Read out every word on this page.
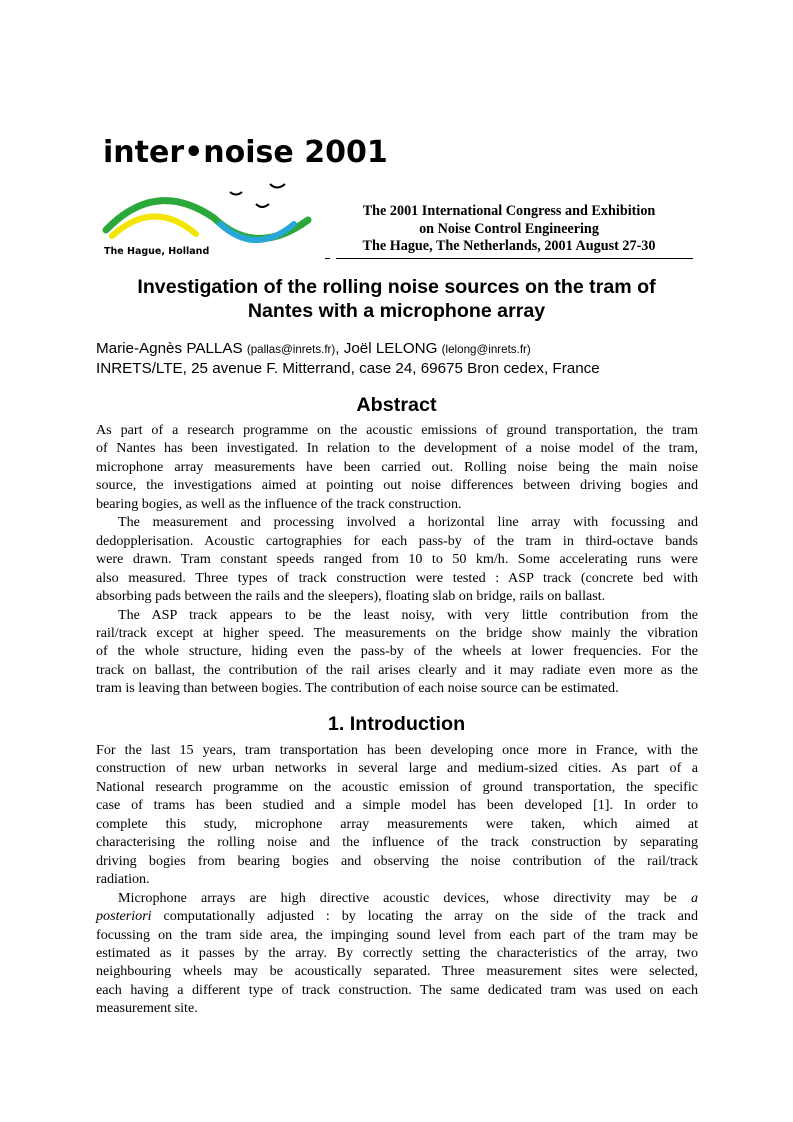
inter•noise 2001
The Hague, Holland
The 2001 International Congress and Exhibition
on Noise Control Engineering
The Hague, The Netherlands, 2001 August 27-30
Investigation of the rolling noise sources on the tram of
Nantes with a microphone array
Marie-Agnès PALLAS (pallas@inrets.fr), Joël LELONG (lelong@inrets.fr)
INRETS/LTE, 25 avenue F. Mitterrand, case 24, 69675 Bron cedex, France
Abstract
As part of a research programme on the acoustic emissions of ground transportation, the tram
of Nantes has been investigated. In relation to the development of a noise model of the tram,
microphone array measurements have been carried out. Rolling noise being the main noise
source, the investigations aimed at pointing out noise differences between driving bogies and
bearing bogies, as well as the influence of the track construction.
The measurement and processing involved a horizontal line array with focussing and
dedopplerisation. Acoustic cartographies for each pass-by of the tram in third-octave bands
were drawn. Tram constant speeds ranged from 10 to 50 km/h. Some accelerating runs were
also measured. Three types of track construction were tested : ASP track (concrete bed with
absorbing pads between the rails and the sleepers), floating slab on bridge, rails on ballast.
The ASP track appears to be the least noisy, with very little contribution from the
rail/track except at higher speed. The measurements on the bridge show mainly the vibration
of the whole structure, hiding even the pass-by of the wheels at lower frequencies. For the
track on ballast, the contribution of the rail arises clearly and it may radiate even more as the
tram is leaving than between bogies. The contribution of each noise source can be estimated.
1. Introduction
For the last 15 years, tram transportation has been developing once more in France, with the
construction of new urban networks in several large and medium-sized cities. As part of a
National research programme on the acoustic emission of ground transportation, the specific
case of trams has been studied and a simple model has been developed [1]. In order to
complete this study, microphone array measurements were taken, which aimed at
characterising the rolling noise and the influence of the track construction by separating
driving bogies from bearing bogies and observing the noise contribution of the rail/track
radiation.
Microphone arrays are high directive acoustic devices, whose directivity may be a
posteriori computationally adjusted : by locating the array on the side of the track and
focussing on the tram side area, the impinging sound level from each part of the tram may be
estimated as it passes by the array. By correctly setting the characteristics of the array, two
neighbouring wheels may be acoustically separated. Three measurement sites were selected,
each having a different type of track construction. The same dedicated tram was used on each
measurement site.
